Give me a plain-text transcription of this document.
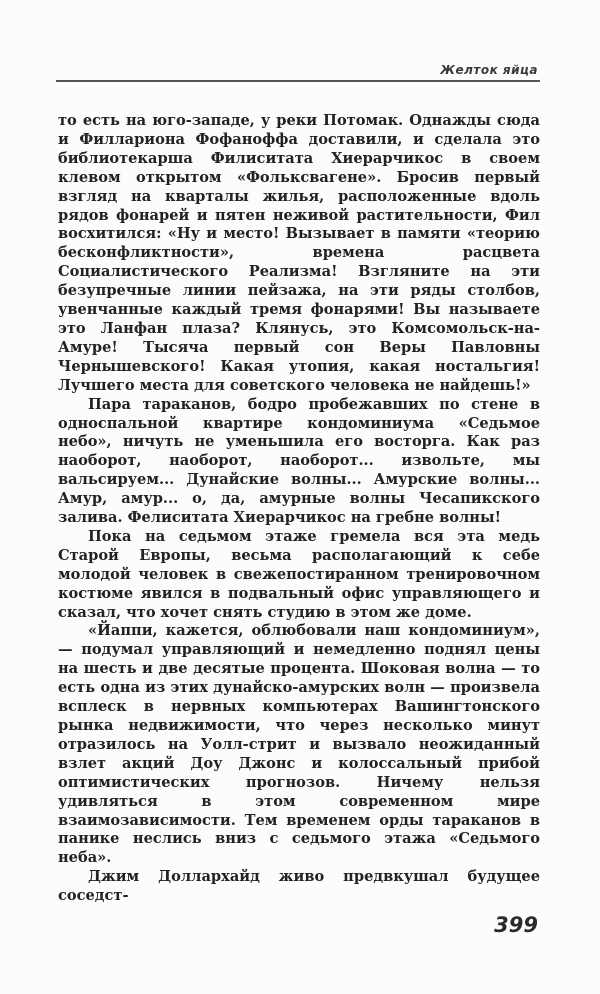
Желток яйца

то есть на юго-западе, у реки Потомак. Однажды сюда и Филлариона Фофаноффа доставили, и сделала это библиотекарша Филиситата Хиерарчикос в своем клевом открытом «Фольксвагене». Бросив первый взгляд на кварталы жилья, расположенные вдоль рядов фонарей и пятен неживой растительности, Фил восхитился: «Ну и место! Вызывает в памяти «теорию бесконфликтности», времена расцвета Социалистического Реализма! Взгляните на эти безупречные линии пейзажа, на эти ряды столбов, увенчанные каждый тремя фонарями! Вы называете это Ланфан плаза? Клянусь, это Комсомольск-на-Амуре! Тысяча первый сон Веры Павловны Чернышевского! Какая утопия, какая ностальгия! Лучшего места для советского человека не найдешь!»

Пара тараканов, бодро пробежавших по стене в односпальной квартире кондоминиума «Седьмое небо», ничуть не уменьшила его восторга. Как раз наоборот, наоборот, наоборот... извольте, мы вальсируем... Дунайские волны... Амурские волны... Амур, амур... о, да, амурные волны Чесапикского залива. Фелиситата Хиерарчикос на гребне волны!

Пока на седьмом этаже гремела вся эта медь Старой Европы, весьма располагающий к себе молодой человек в свежепостиранном тренировочном костюме явился в подвальный офис управляющего и сказал, что хочет снять студию в этом же доме.

«Йаппи, кажется, облюбовали наш кондоминиум», — подумал управляющий и немедленно поднял цены на шесть и две десятые процента. Шоковая волна — то есть одна из этих дунайско-амурских волн — произвела всплеск в нервных компьютерах Вашингтонского рынка недвижимости, что через несколько минут отразилось на Уолл-стрит и вызвало неожиданный взлет акций Доу Джонс и колоссальный прибой оптимистических прогнозов. Ничему нельзя удивляться в этом современном мире взаимозависимости. Тем временем орды тараканов в панике неслись вниз с седьмого этажа «Седьмого неба».

Джим Доллархайд живо предвкушал будущее соседст-

399
